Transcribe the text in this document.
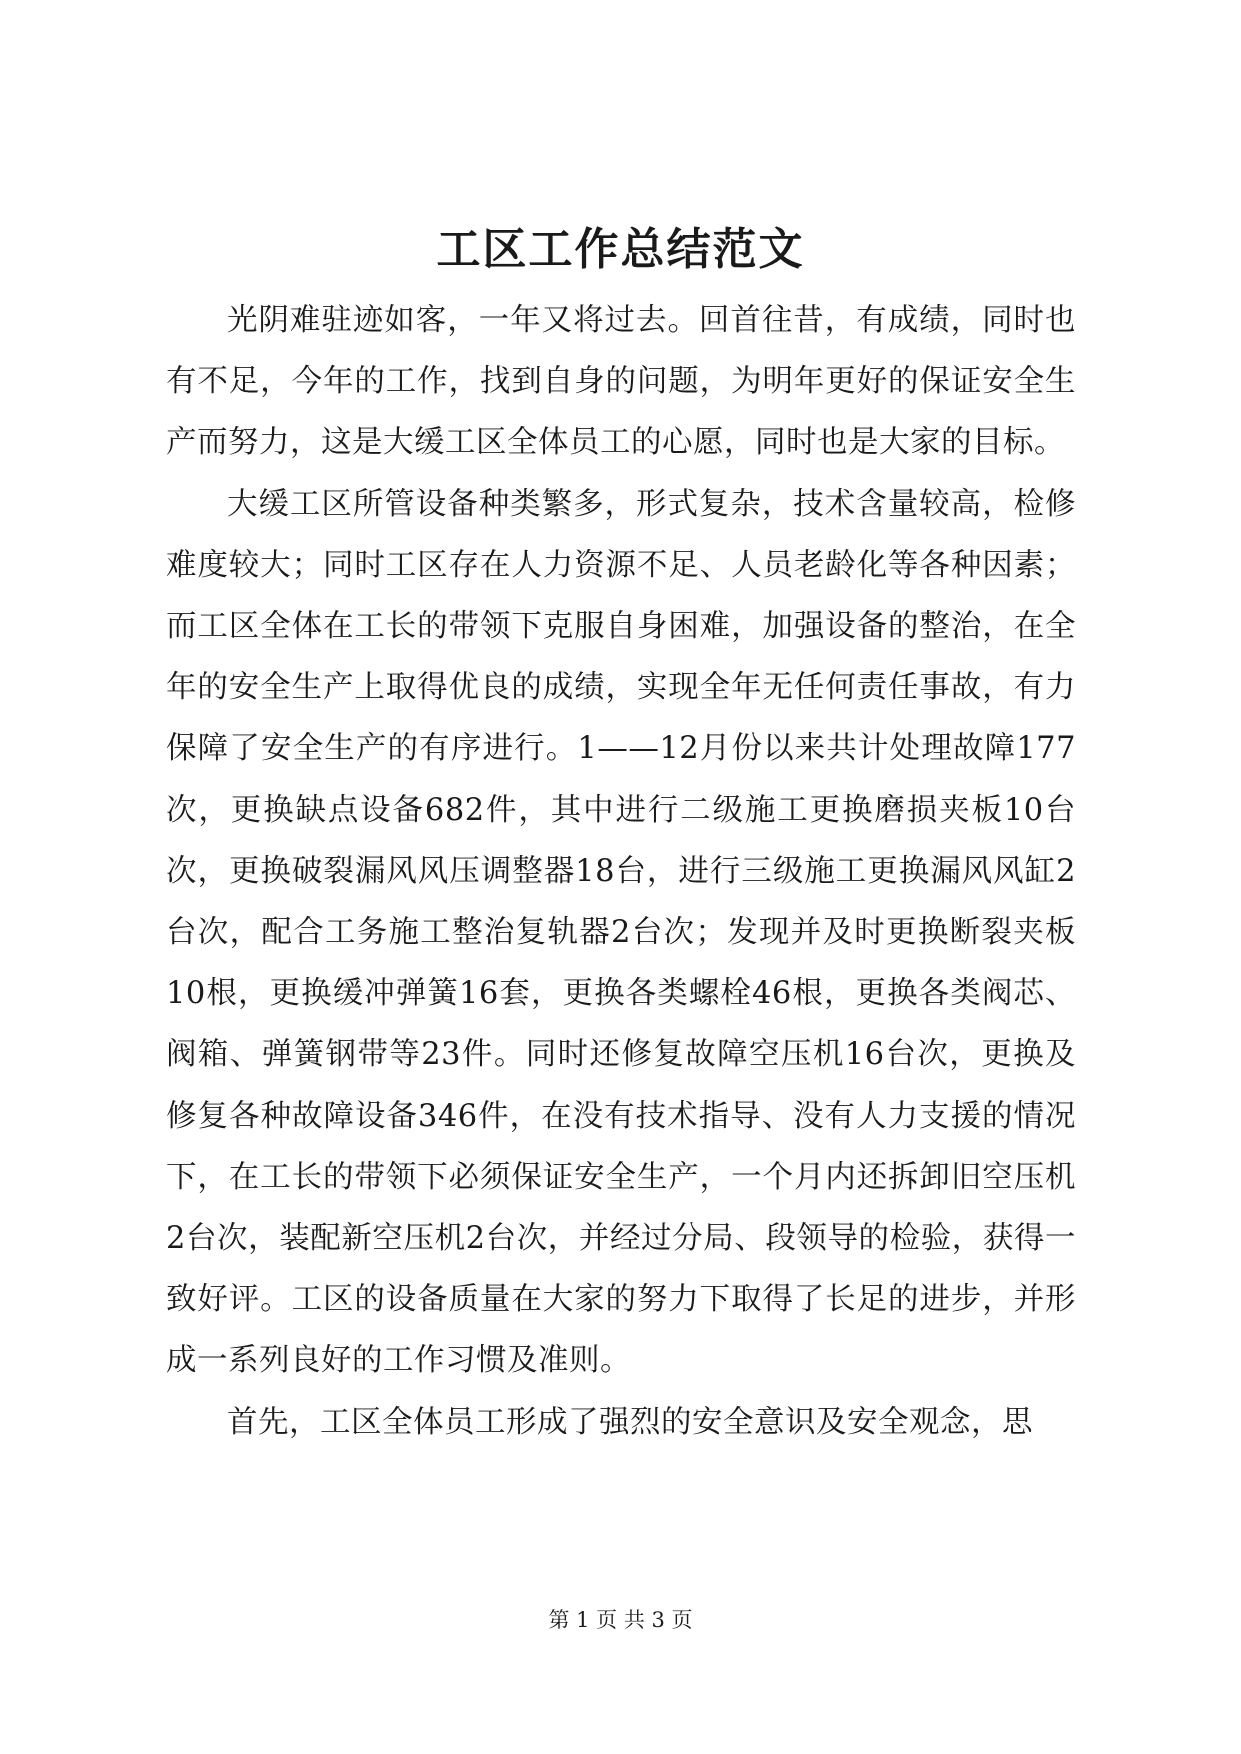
工区工作总结范文

光阴难驻迹如客，一年又将过去。回首往昔，有成绩，同时也有不足，今年的工作，找到自身的问题，为明年更好的保证安全生产而努力，这是大缓工区全体员工的心愿，同时也是大家的目标。

大缓工区所管设备种类繁多，形式复杂，技术含量较高，检修难度较大；同时工区存在人力资源不足、人员老龄化等各种因素；而工区全体在工长的带领下克服自身困难，加强设备的整治，在全年的安全生产上取得优良的成绩，实现全年无任何责任事故，有力保障了安全生产的有序进行。1——12月份以来共计处理故障177次，更换缺点设备682件，其中进行二级施工更换磨损夹板10台次，更换破裂漏风风压调整器18台，进行三级施工更换漏风风缸2台次，配合工务施工整治复轨器2台次；发现并及时更换断裂夹板10根，更换缓冲弹簧16套，更换各类螺栓46根，更换各类阀芯、阀箱、弹簧钢带等23件。同时还修复故障空压机16台次，更换及修复各种故障设备346件，在没有技术指导、没有人力支援的情况下，在工长的带领下必须保证安全生产，一个月内还拆卸旧空压机2台次，装配新空压机2台次，并经过分局、段领导的检验，获得一致好评。工区的设备质量在大家的努力下取得了长足的进步，并形成一系列良好的工作习惯及准则。

首先，工区全体员工形成了强烈的安全意识及安全观念，思

第 1 页 共 3 页
